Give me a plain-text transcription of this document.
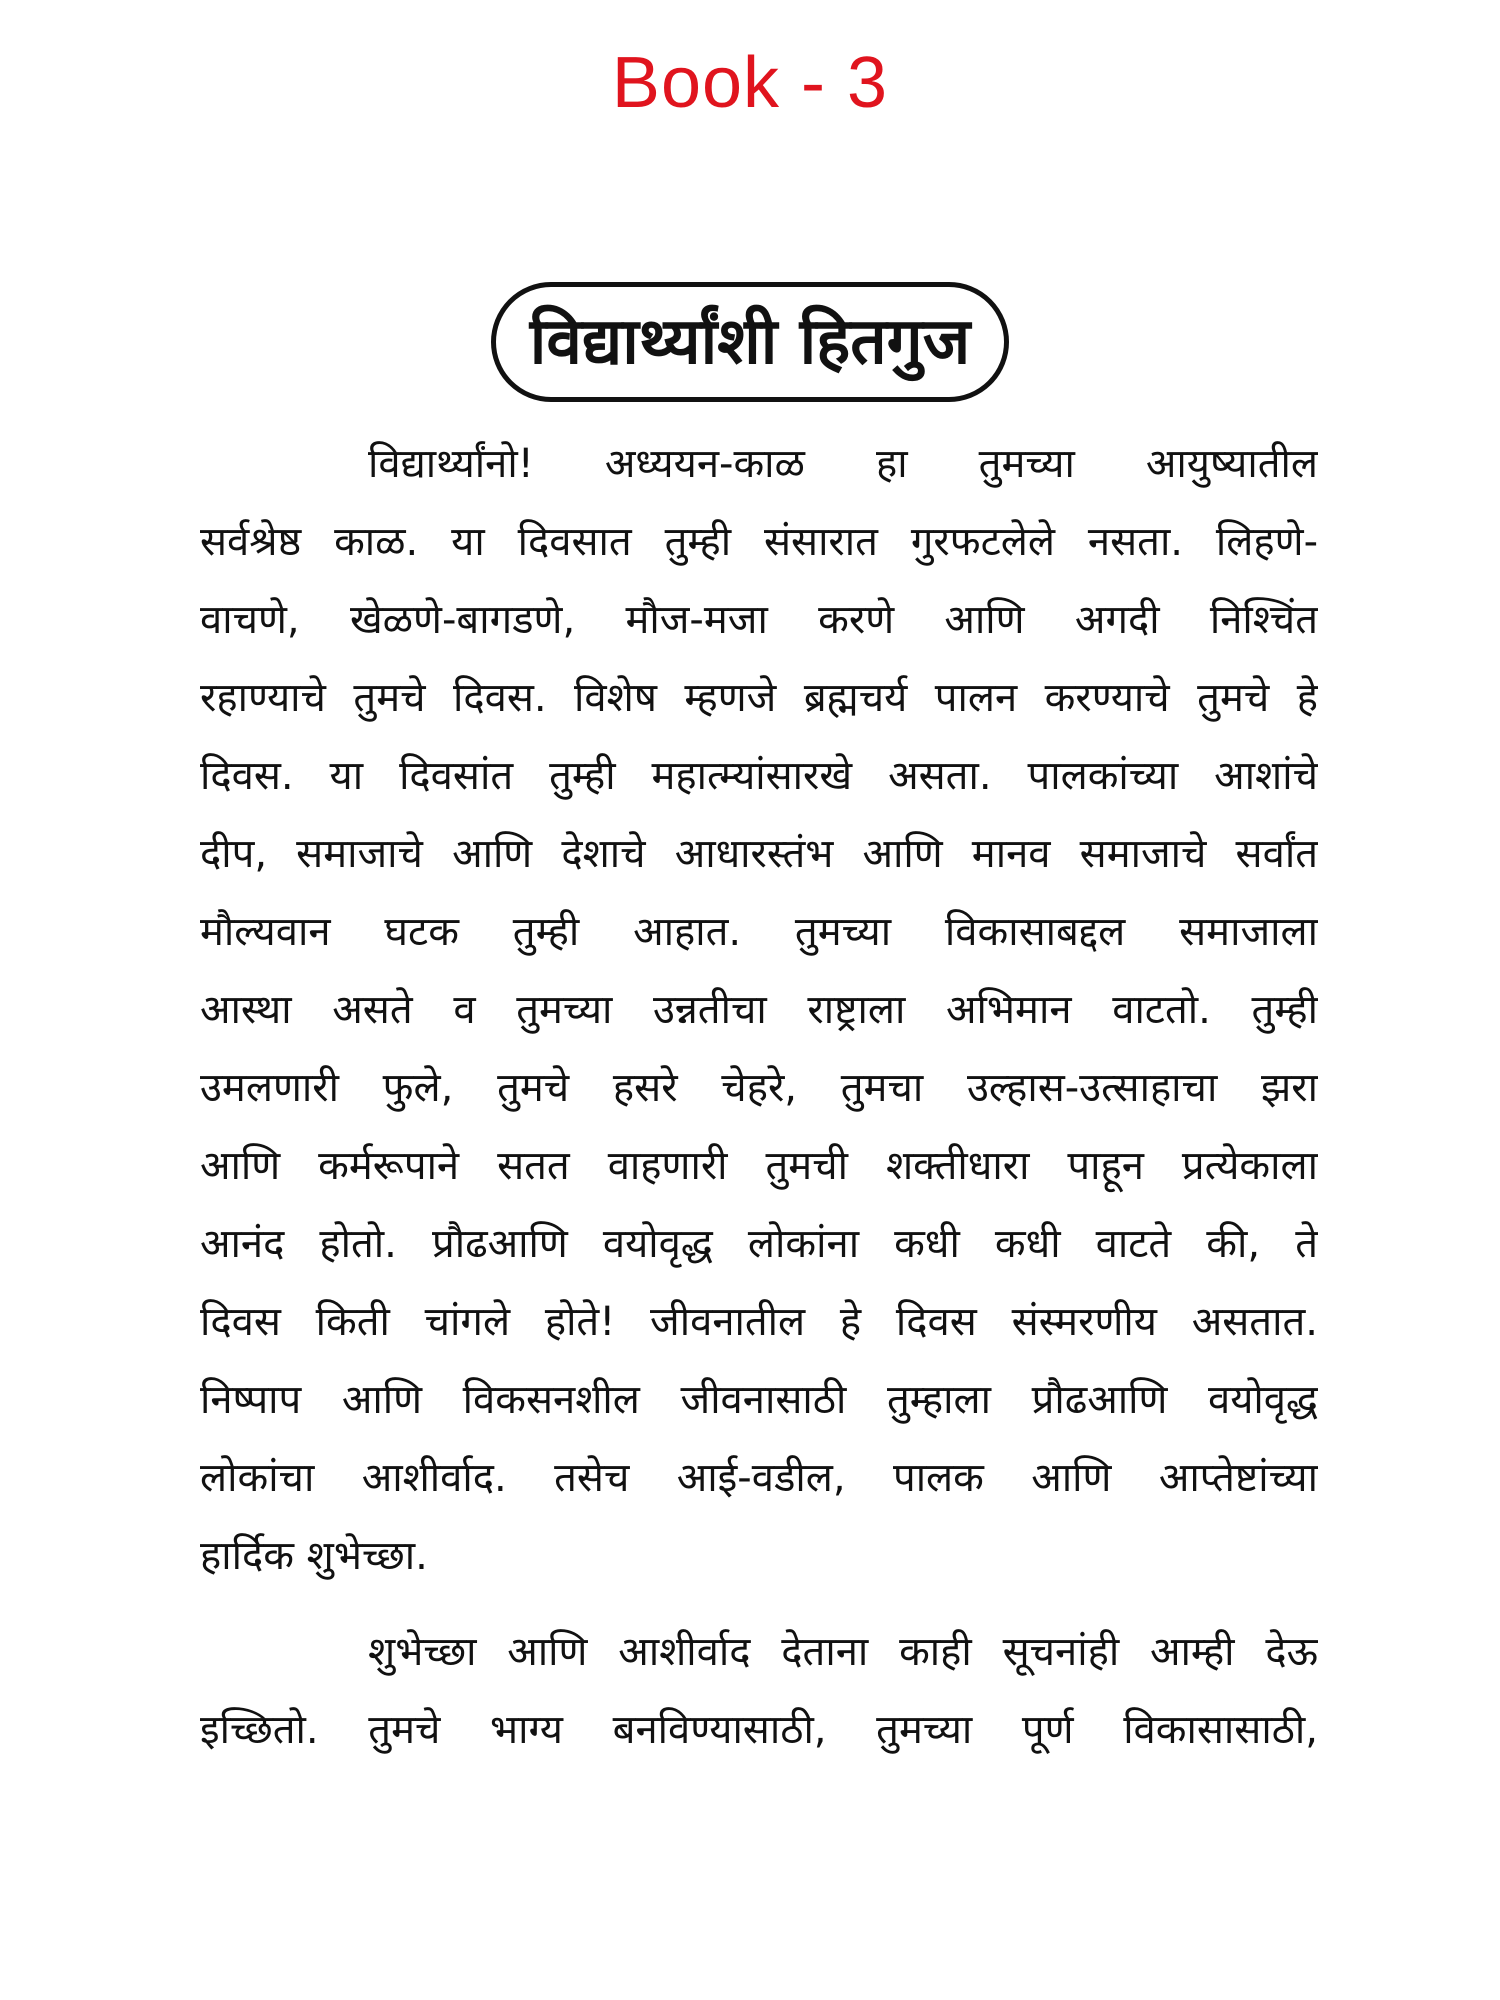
Book - 3
विद्यार्थ्यांशी हितगुज
विद्यार्थ्यांनो! अध्ययन-काळ हा तुमच्या आयुष्यातील
सर्वश्रेष्ठ काळ. या दिवसात तुम्ही संसारात गुरफटलेले नसता. लिहणे-
वाचणे, खेळणे-बागडणे, मौज-मजा करणे आणि अगदी निश्चिंत
रहाण्याचे तुमचे दिवस. विशेष म्हणजे ब्रह्मचर्य पालन करण्याचे तुमचे हे
दिवस. या दिवसांत तुम्ही महात्म्यांसारखे असता. पालकांच्या आशांचे
दीप, समाजाचे आणि देशाचे आधारस्तंभ आणि मानव समाजाचे सर्वांत
मौल्यवान घटक तुम्ही आहात. तुमच्या विकासाबद्दल समाजाला
आस्था असते व तुमच्या उन्नतीचा राष्ट्राला अभिमान वाटतो. तुम्ही
उमलणारी फुले, तुमचे हसरे चेहरे, तुमचा उल्हास-उत्साहाचा झरा
आणि कर्मरूपाने सतत वाहणारी तुमची शक्तीधारा पाहून प्रत्येकाला
आनंद होतो. प्रौढआणि वयोवृद्ध लोकांना कधी कधी वाटते की, ते
दिवस किती चांगले होते! जीवनातील हे दिवस संस्मरणीय असतात.
निष्पाप आणि विकसनशील जीवनासाठी तुम्हाला प्रौढआणि वयोवृद्ध
लोकांचा आशीर्वाद. तसेच आई-वडील, पालक आणि आप्तेष्टांच्या
हार्दिक शुभेच्छा.
शुभेच्छा आणि आशीर्वाद देताना काही सूचनांही आम्ही देऊ
इच्छितो. तुमचे भाग्य बनविण्यासाठी, तुमच्या पूर्ण विकासासाठी,
